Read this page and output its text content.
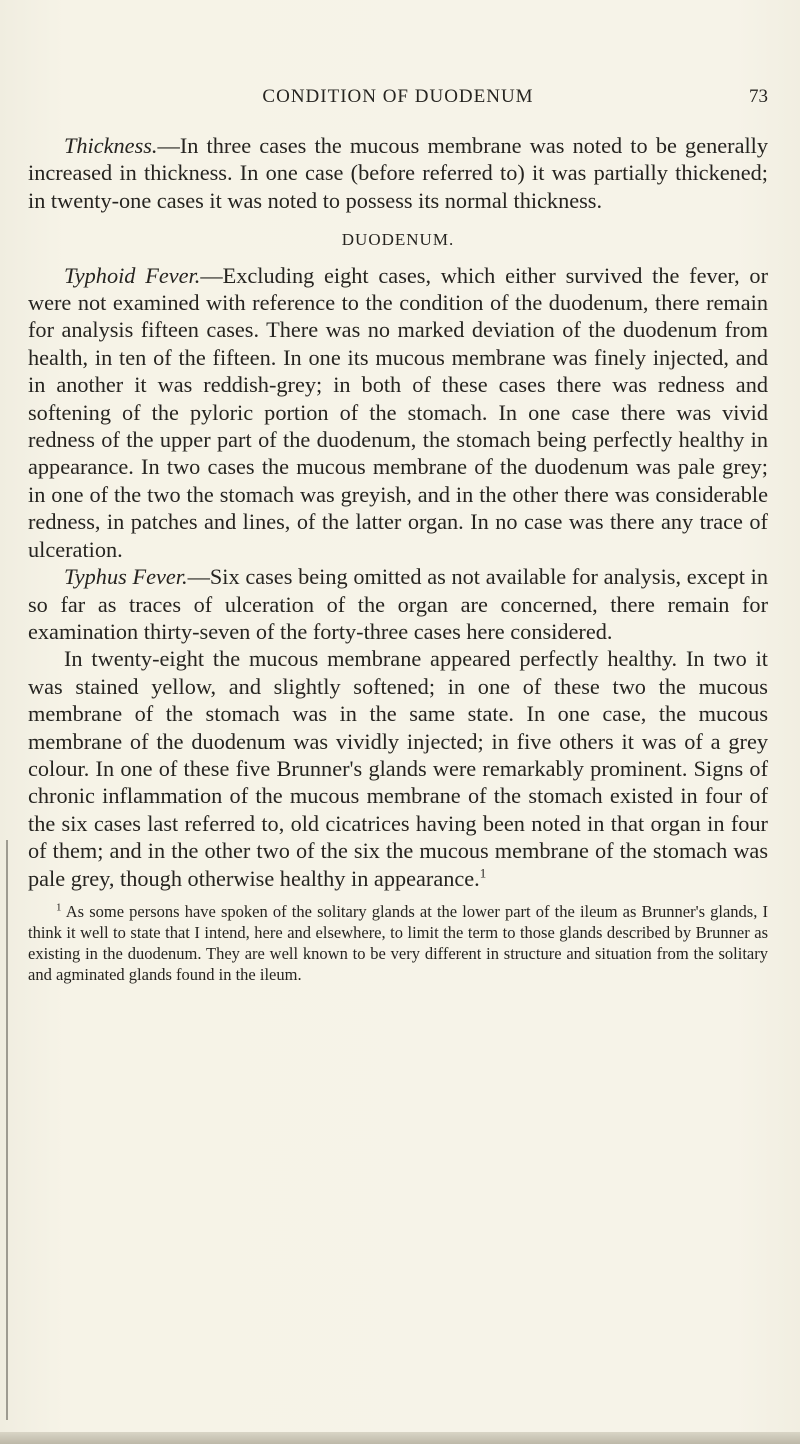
CONDITION OF DUODENUM	73

Thickness.—In three cases the mucous membrane was noted to be generally increased in thickness. In one case (before referred to) it was partially thickened; in twenty-one cases it was noted to possess its normal thickness.

DUODENUM.

Typhoid Fever.—Excluding eight cases, which either survived the fever, or were not examined with reference to the condition of the duodenum, there remain for analysis fifteen cases. There was no marked deviation of the duodenum from health, in ten of the fifteen. In one its mucous membrane was finely injected, and in another it was reddish-grey; in both of these cases there was redness and softening of the pyloric portion of the stomach. In one case there was vivid redness of the upper part of the duodenum, the stomach being perfectly healthy in appearance. In two cases the mucous membrane of the duodenum was pale grey; in one of the two the stomach was greyish, and in the other there was considerable redness, in patches and lines, of the latter organ. In no case was there any trace of ulceration.

Typhus Fever.—Six cases being omitted as not available for analysis, except in so far as traces of ulceration of the organ are concerned, there remain for examination thirty-seven of the forty-three cases here considered.

In twenty-eight the mucous membrane appeared perfectly healthy. In two it was stained yellow, and slightly softened; in one of these two the mucous membrane of the stomach was in the same state. In one case, the mucous membrane of the duodenum was vividly injected; in five others it was of a grey colour. In one of these five Brunner's glands were remarkably prominent. Signs of chronic inflammation of the mucous membrane of the stomach existed in four of the six cases last referred to, old cicatrices having been noted in that organ in four of them; and in the other two of the six the mucous membrane of the stomach was pale grey, though otherwise healthy in appearance.$^1$

$^1$ As some persons have spoken of the solitary glands at the lower part of the ileum as Brunner's glands, I think it well to state that I intend, here and elsewhere, to limit the term to those glands described by Brunner as existing in the duodenum. They are well known to be very different in structure and situation from the solitary and agminated glands found in the ileum.
